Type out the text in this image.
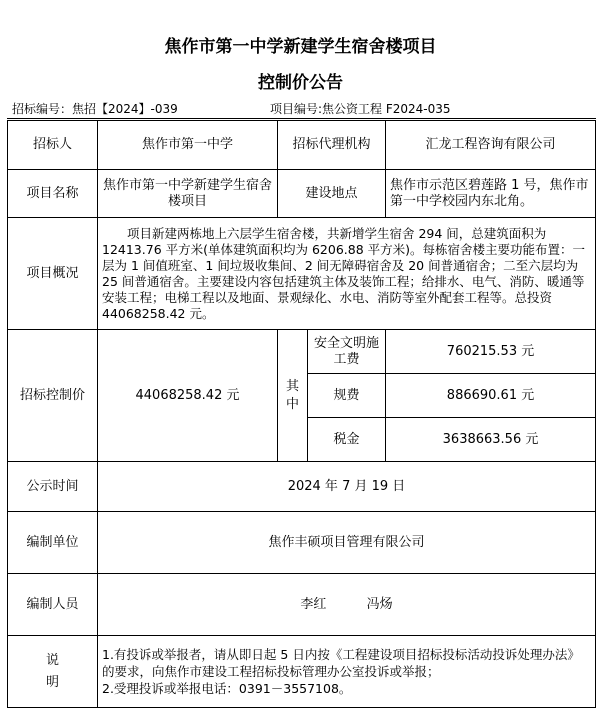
焦作市第一中学新建学生宿舍楼项目
控制价公告
招标编号：焦招【2024】-039	项目编号:焦公资工程 F2024-035
招标人	焦作市第一中学	招标代理机构		汇龙工程咨询有限公司
项目名称	焦作市第一中学新建学生宿舍楼项目	建设地点		焦作市示范区碧莲路 1 号，焦作市第一中学校园内东北角。
项目概况	项目新建两栋地上六层学生宿舍楼，共新增学生宿舍 294 间，总建筑面积为 12413.76 平方米(单体建筑面积均为 6206.88 平方米)。每栋宿舍楼主要功能布置：一层为 1 间值班室、1 间垃圾收集间、2 间无障碍宿舍及 20 间普通宿舍；二至六层均为 25 间普通宿舍。主要建设内容包括建筑主体及装饰工程；给排水、电气、消防、暖通等安装工程；电梯工程以及地面、景观绿化、水电、消防等室外配套工程等。总投资 44068258.42 元。			
招标控制价	44068258.42 元	其中	安全文明施工费	760215.53 元
			规费	886690.61 元
			税金	3638663.56 元
公示时间	2024 年 7 月 19 日			
编制单位	焦作丰硕项目管理有限公司			
编制人员	李红 冯炀			
说明	1.有投诉或举报者，请从即日起 5 日内按《工程建设项目招标投标活动投诉处理办法》的要求，向焦作市建设工程招标投标管理办公室投诉或举报；
2.受理投诉或举报电话：0391－3557108。			
